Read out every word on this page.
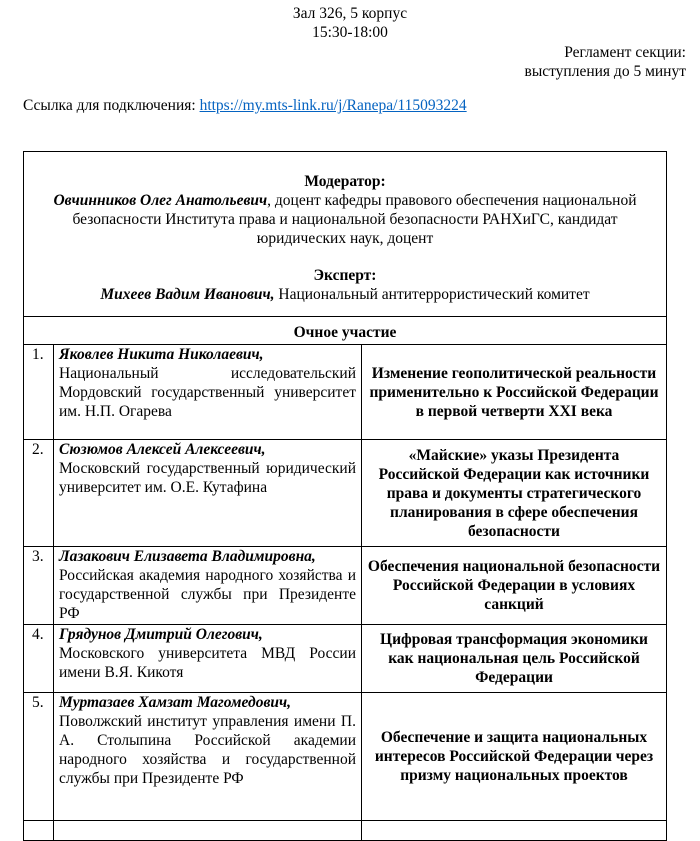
Зал 326, 5 корпус
15:30-18:00
Регламент секции:
выступления до 5 минут
Ссылка для подключения: https://my.mts-link.ru/j/Ranepa/115093224
Модератор:
Овчинников Олег Анатольевич, доцент кафедры правового обеспечения национальной безопасности Института права и национальной безопасности РАНХиГС, кандидат юридических наук, доцент
Эксперт:
Михеев Вадим Иванович, Национальный антитеррористический комитет		

Очное участие		
1.	Яковлев Никита Николаевич,
Национальный исследовательский Мордовский государственный университет им. Н.П. Огарева	Изменение геополитической реальности применительно к Российской Федерации в первой четверти XXI века
2.	Сюзюмов Алексей Алексеевич,
Московский государственный юридический университет им. О.Е. Кутафина	«Майские» указы Президента Российской Федерации как источники права и документы стратегического планирования в сфере обеспечения безопасности
3.	Лазакович Елизавета Владимировна,
Российская академия народного хозяйства и государственной службы при Президенте РФ	Обеспечения национальной безопасности Российской Федерации в условиях санкций
4.	Грядунов Дмитрий Олегович,
Московского университета МВД России имени В.Я. Кикотя	Цифровая трансформация экономики как национальная цель Российской Федерации
5.	Муртазаев Хамзат Магомедович,
Поволжский институт управления имени П. А. Столыпина Российской академии народного хозяйства и государственной службы при Президенте РФ	Обеспечение и защита национальных интересов Российской Федерации через призму национальных проектов
